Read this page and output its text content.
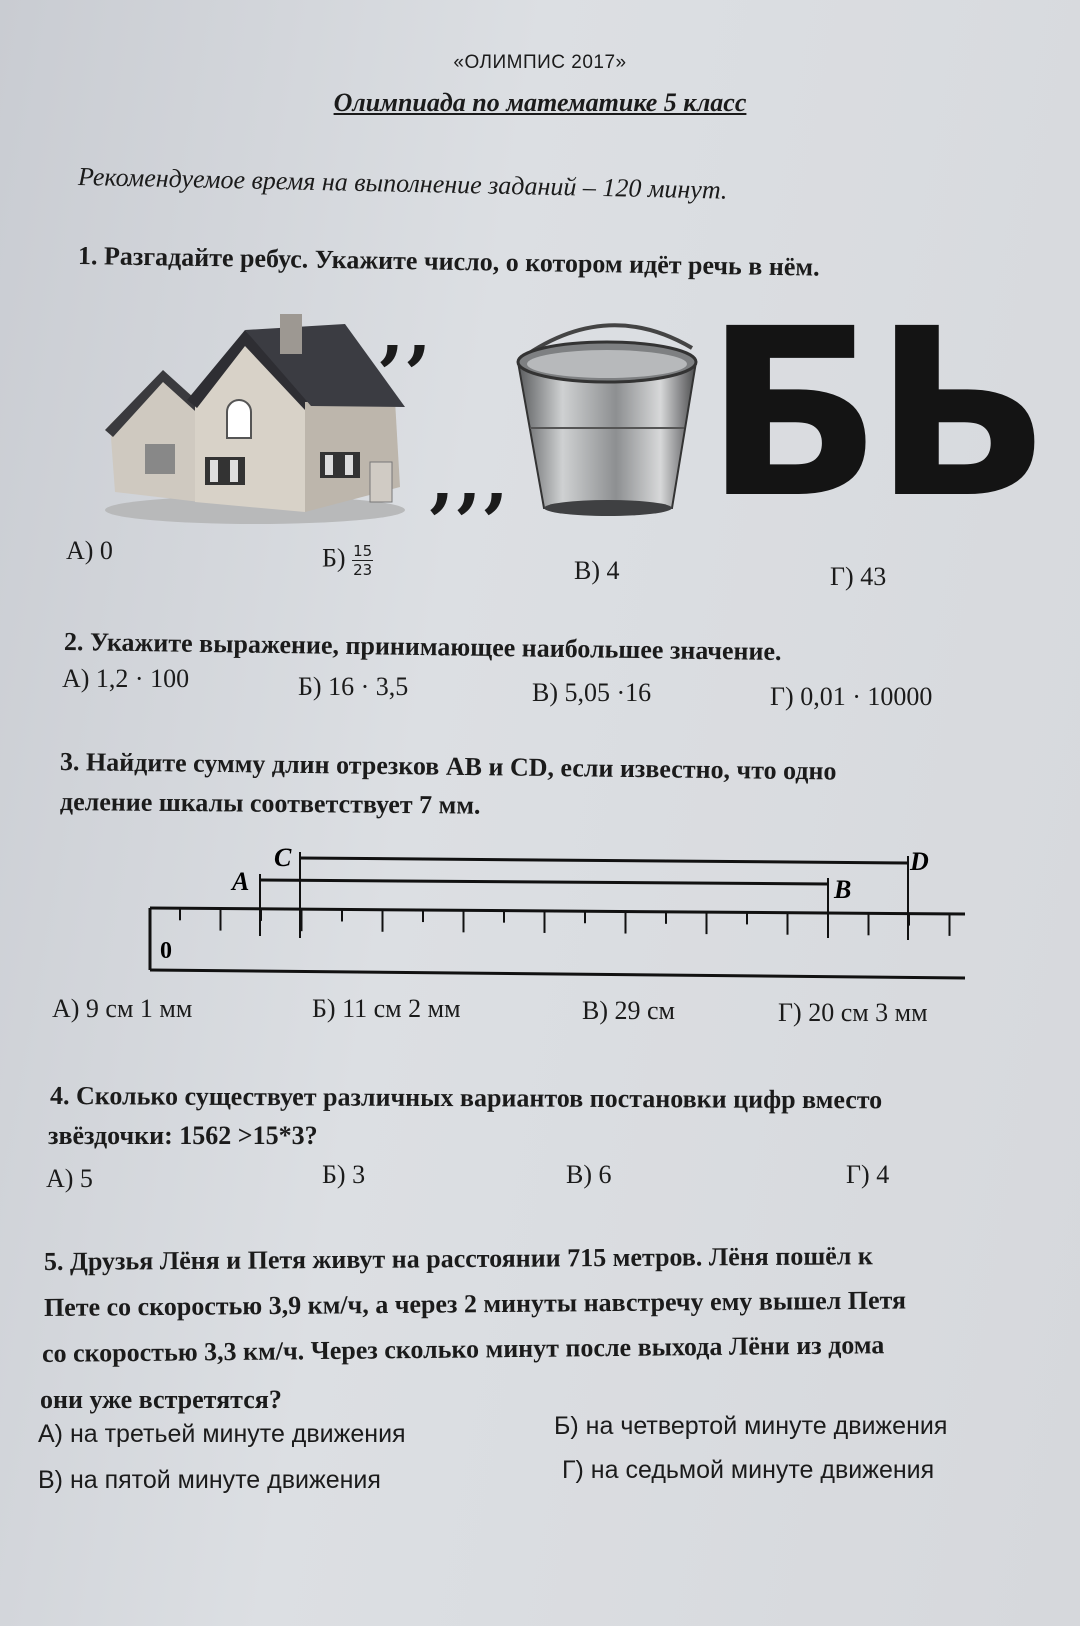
«ОЛИМПИС 2017»
Олимпиада по математике 5 класс
Рекомендуемое время на выполнение заданий – 120 минут.
1. Разгадайте ребус. Укажите число, о котором идёт речь в нём.
‚‚
‚‚‚ БЬ
А) 0	$Б) \frac{15}{23}$	В) 4	Г) 43
2. Укажите выражение, принимающее наибольшее значение.
А) 1,2 · 100	Б) 16 · 3,5	В) 5,05 ·16	Г) 0,01 · 10000
3. Найдите сумму длин отрезков AB и CD, если известно, что одно
деление шкалы соответствует 7 мм.
A
C
B
D
0
А) 9 см 1 мм	Б) 11 см 2 мм	В) 29 см	Г) 20 см 3 мм
4. Сколько существует различных вариантов постановки цифр вместо
звёздочки: 1562 >15*3?
А) 5	Б) 3	В) 6	Г) 4
5. Друзья Лёня и Петя живут на расстоянии 715 метров. Лёня пошёл к
Пете со скоростью 3,9 км/ч, а через 2 минуты навстречу ему вышел Петя
со скоростью 3,3 км/ч. Через сколько минут после выхода Лёни из дома
они уже встретятся?
А) на третьей минуте движения	Б) на четвертой минуте движения
В) на пятой минуте движения	Г) на седьмой минуте движения
